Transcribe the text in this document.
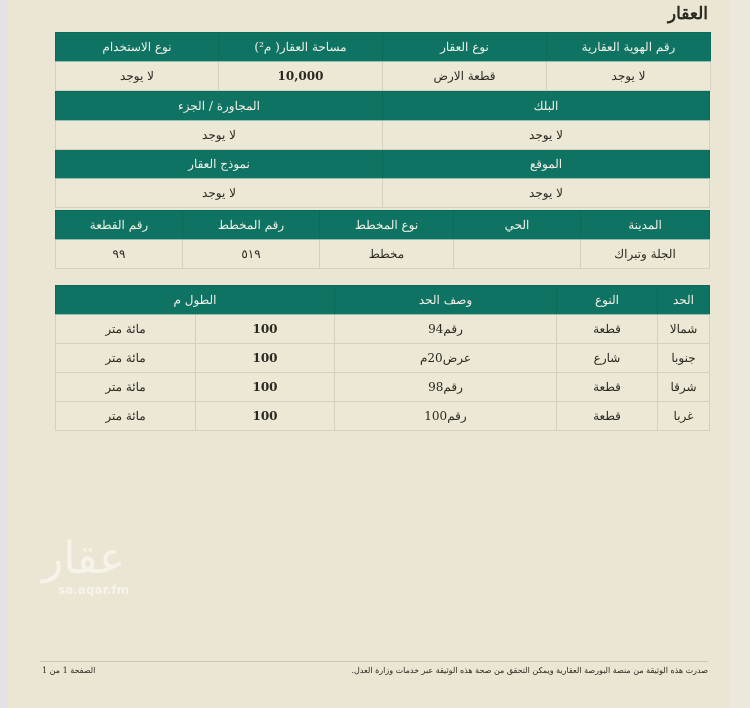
العقار
رقم الهوية العقارية	نوع العقار	مساحة العقار( م²)	نوع الاستخدام
لا يوجد	قطعة الارض	10,000	لا يوجد
البلك	المجاورة / الجزء
لا يوجد	لا يوجد
الموقع	نموذج العقار
لا يوجد	لا يوجد
المدينة	الحي	نوع المخطط	رقم المخطط	رقم القطعة
الجلة وتبراك		مخطط	٥١٩	٩٩
الحد	النوع	وصف الحد	الطول م	
شمالا	قطعة	رقم94	100	مائة متر
جنوبا	شارع	عرض20م	100	مائة متر
شرقا	قطعة	رقم98	100	مائة متر
غربا	قطعة	رقم100	100	مائة متر
عقار
sa.aqar.fm
صدرت هذه الوثيقة من منصة البورصة العقارية ويمكن التحقق من صحة هذه الوثيقة عبر خدمات وزارة العدل.
الصفحة 1 من 1
